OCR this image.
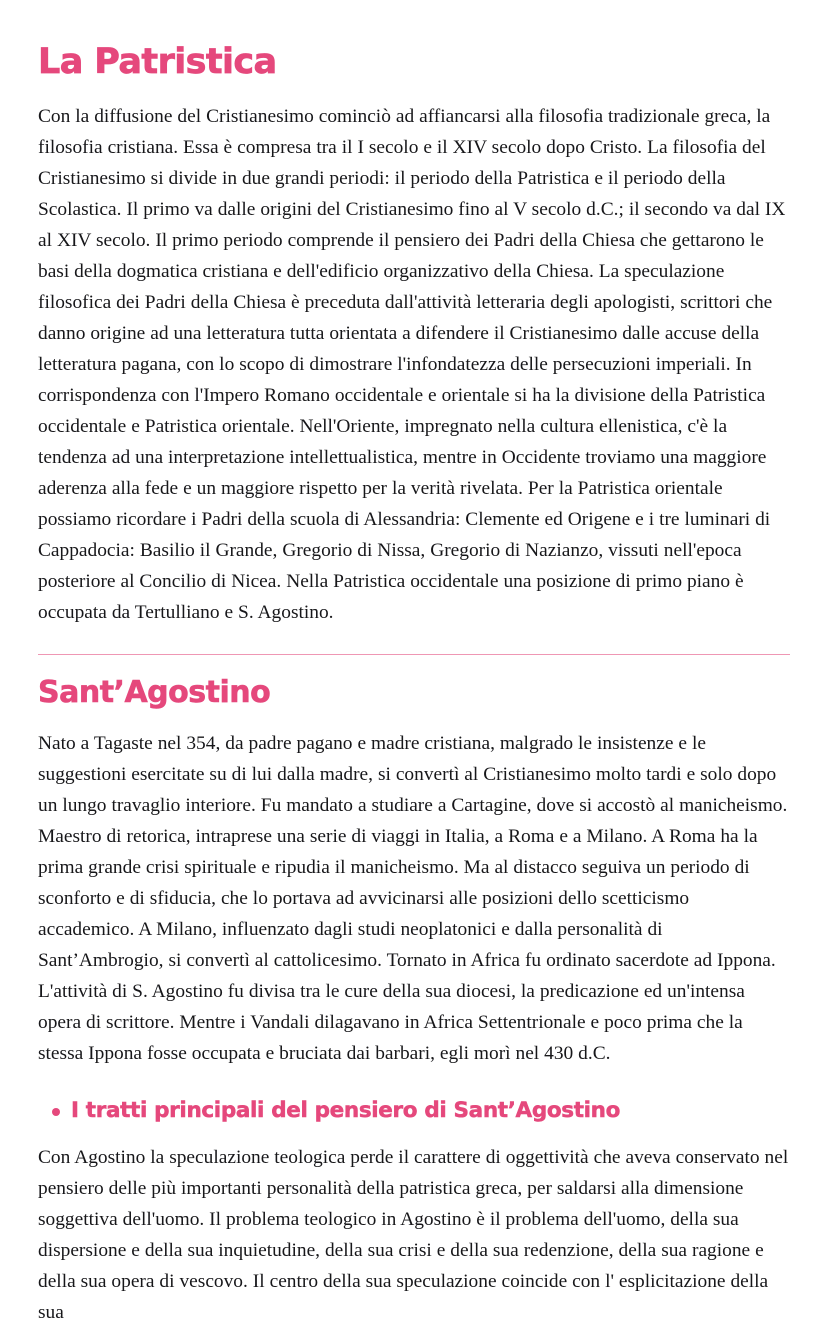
La Patristica

Con la diffusione del Cristianesimo cominciò ad affiancarsi alla filosofia tradizionale greca, la filosofia cristiana. Essa è compresa tra il I secolo e il XIV secolo dopo Cristo. La filosofia del Cristianesimo si divide in due grandi periodi: il periodo della Patristica e il periodo della Scolastica. Il primo va dalle origini del Cristianesimo fino al V secolo d.C.; il secondo va dal IX al XIV secolo. Il primo periodo comprende il pensiero dei Padri della Chiesa che gettarono le basi della dogmatica cristiana e dell'edificio organizzativo della Chiesa. La speculazione filosofica dei Padri della Chiesa è preceduta dall'attività letteraria degli apologisti, scrittori che danno origine ad una letteratura tutta orientata a difendere il Cristianesimo dalle accuse della letteratura pagana, con lo scopo di dimostrare l'infondatezza delle persecuzioni imperiali. In corrispondenza con l'Impero Romano occidentale e orientale si ha la divisione della Patristica occidentale e Patristica orientale. Nell'Oriente, impregnato nella cultura ellenistica, c'è la tendenza ad una interpretazione intellettualistica, mentre in Occidente troviamo una maggiore aderenza alla fede e un maggiore rispetto per la verità rivelata. Per la Patristica orientale possiamo ricordare i Padri della scuola di Alessandria: Clemente ed Origene e i tre luminari di Cappadocia: Basilio il Grande, Gregorio di Nissa, Gregorio di Nazianzo, vissuti nell'epoca posteriore al Concilio di Nicea. Nella Patristica occidentale una posizione di primo piano è occupata da Tertulliano e S. Agostino.

Sant’Agostino

Nato a Tagaste nel 354, da padre pagano e madre cristiana, malgrado le insistenze e le suggestioni esercitate su di lui dalla madre, si convertì al Cristianesimo molto tardi e solo dopo un lungo travaglio interiore. Fu mandato a studiare a Cartagine, dove si accostò al manicheismo. Maestro di retorica, intraprese una serie di viaggi in Italia, a Roma e a Milano. A Roma ha la prima grande crisi spirituale e ripudia il manicheismo. Ma al distacco seguiva un periodo di sconforto e di sfiducia, che lo portava ad avvicinarsi alle posizioni dello scetticismo accademico. A Milano, influenzato dagli studi neoplatonici e dalla personalità di Sant’Ambrogio, si convertì al cattolicesimo. Tornato in Africa fu ordinato sacerdote ad Ippona. L'attività di S. Agostino fu divisa tra le cure della sua diocesi, la predicazione ed un'intensa opera di scrittore. Mentre i Vandali dilagavano in Africa Settentrionale e poco prima che la stessa Ippona fosse occupata e bruciata dai barbari, egli morì nel 430 d.C.

I tratti principali del pensiero di Sant’Agostino

Con Agostino la speculazione teologica perde il carattere di oggettività che aveva conservato nel pensiero delle più importanti personalità della patristica greca, per saldarsi alla dimensione soggettiva dell'uomo. Il problema teologico in Agostino è il problema dell'uomo, della sua dispersione e della sua inquietudine, della sua crisi e della sua redenzione, della sua ragione e della sua opera di vescovo. Il centro della sua speculazione coincide con l' esplicitazione della sua
